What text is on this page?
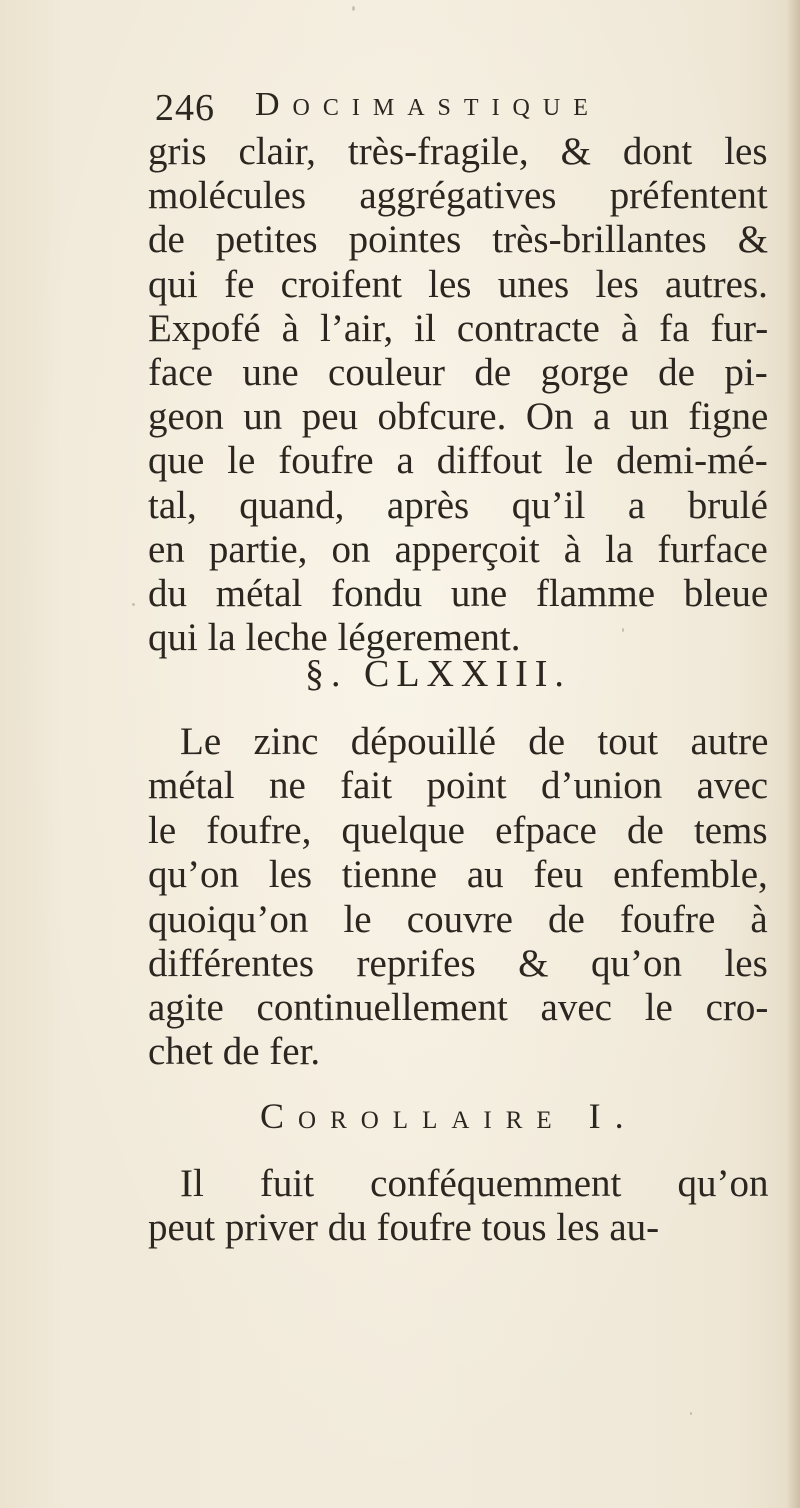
246 Docimastique
gris clair, très-fragile, & dont les
molécules aggrégatives préfentent
de petites pointes très-brillantes &
qui fe croifent les unes les autres.
Expofé à l’air, il contracte à fa fur-
face une couleur de gorge de pi-
geon un peu obfcure. On a un figne
que le foufre a diffout le demi-mé-
tal, quand, après qu’il a brulé
en partie, on apperçoit à la furface
du métal fondu une flamme bleue
qui la leche légerement.
§. CLXXIII.
Le zinc dépouillé de tout autre
métal ne fait point d’union avec
le foufre, quelque efpace de tems
qu’on les tienne au feu enfemble,
quoiqu’on le couvre de foufre à
différentes reprifes & qu’on les
agite continuellement avec le cro-
chet de fer.
Corollaire I.
Il fuit conféquemment qu’on
peut priver du foufre tous les au-
